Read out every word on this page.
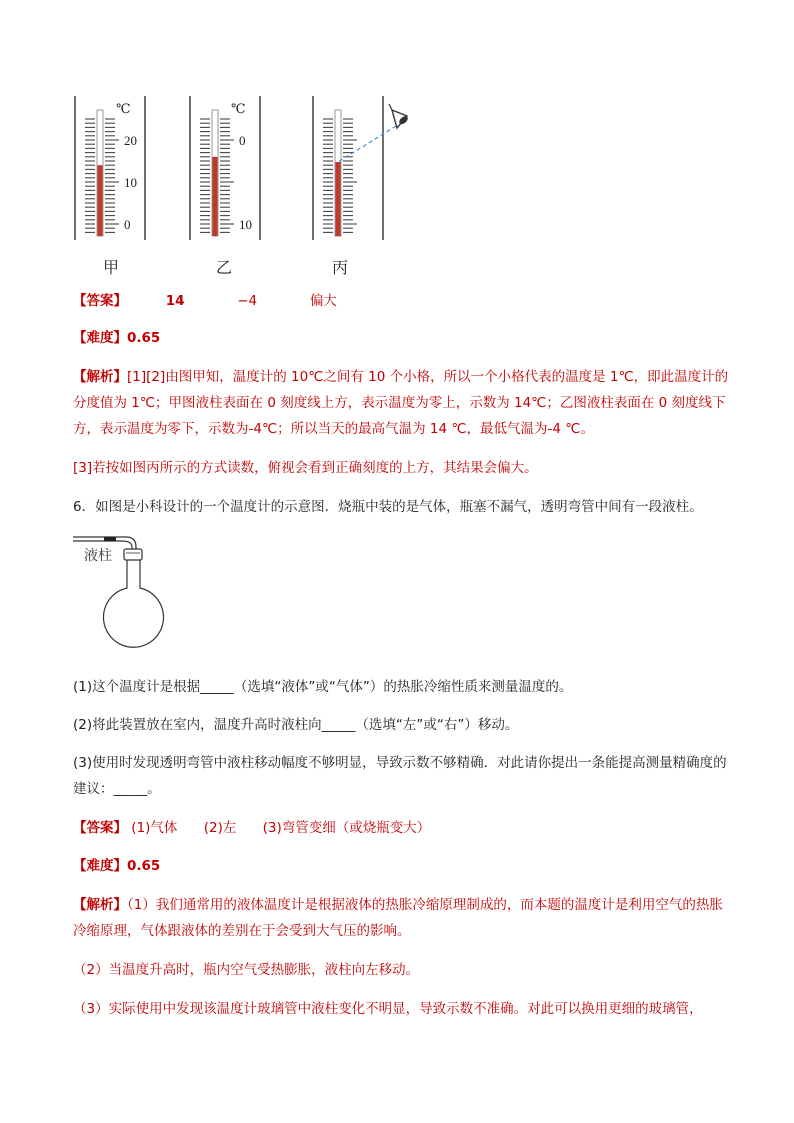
℃
20
10
0
℃
0
10
甲	乙	丙

【答案】	14	−4	偏大

【难度】0.65

【解析】[1][2]由图甲知，温度计的 10℃之间有 10 个小格，所以一个小格代表的温度是 1℃，即此温度计的分度值为 1℃；甲图液柱表面在 0 刻度线上方，表示温度为零上，示数为 14℃；乙图液柱表面在 0 刻度线下方，表示温度为零下，示数为-4℃；所以当天的最高气温为 14 ℃，最低气温为-4 ℃。

[3]若按如图丙所示的方式读数，俯视会看到正确刻度的上方，其结果会偏大。

6．如图是小科设计的一个温度计的示意图．烧瓶中装的是气体，瓶塞不漏气，透明弯管中间有一段液柱。

液柱

(1)这个温度计是根据_____（选填“液体”或“气体”）的热胀冷缩性质来测量温度的。

(2)将此装置放在室内，温度升高时液柱向_____（选填“左”或“右”）移动。

(3)使用时发现透明弯管中液柱移动幅度不够明显，导致示数不够精确．对此请你提出一条能提高测量精确度的建议：_____。

【答案】 (1)气体 (2)左 (3)弯管变细（或烧瓶变大）

【难度】0.65

【解析】（1）我们通常用的液体温度计是根据液体的热胀冷缩原理制成的，而本题的温度计是利用空气的热胀冷缩原理，气体跟液体的差别在于会受到大气压的影响。

（2）当温度升高时，瓶内空气受热膨胀，液柱向左移动。

（3）实际使用中发现该温度计玻璃管中液柱变化不明显，导致示数不准确。对此可以换用更细的玻璃管，
